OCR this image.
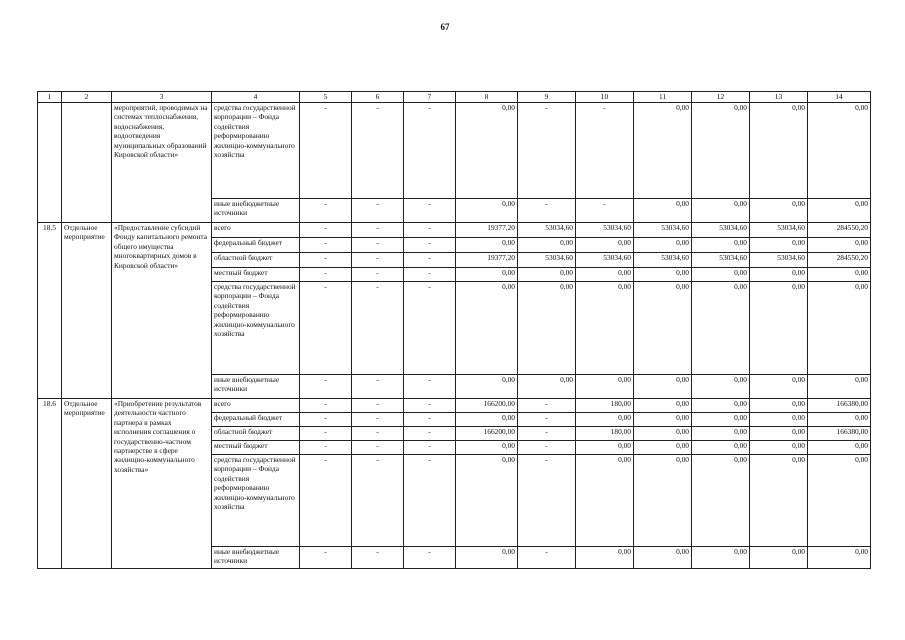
67
1	2	3	4	5	6	7	8	9	10	11	12	13	14
		мероприятий, проводимых на системах теплоснабжения, водоснабжения, водоотведения муниципальных образований Кировской области»	средства государственной корпорации – Фонда содействия реформированию жилищно-коммунального хозяйства	-	-	-	0,00	-	-	0,00	0,00	0,00	0,00
			иные внебюджетные источники	-	-	-	0,00	-	-	0,00	0,00	0,00	0,00
18.5	Отдельное мероприятие	«Предоставление субсидий Фонду капитального ремонта общего имущества многоквартирных домов в Кировской области»	всего	-	-	-	19377,20	53034,60	53034,60	53034,60	53034,60	53034,60	284550,20
			федеральный бюджет	-	-	-	0,00	0,00	0,00	0,00	0,00	0,00	0,00
			областной бюджет	-	-	-	19377,20	53034,60	53034,60	53034,60	53034,60	53034,60	284550,20
			местный бюджет	-	-	-	0,00	0,00	0,00	0,00	0,00	0,00	0,00
			средства государственной корпорации – Фонда содействия реформированию жилищно-коммунального хозяйства	-	-	-	0,00	0,00	0,00	0,00	0,00	0,00	0,00
			иные внебюджетные источники	-	-	-	0,00	0,00	0,00	0,00	0,00	0,00	0,00
18.6	Отдельное мероприятие	«Приобретение результатов деятельности частного партнера в рамках исполнения соглашения о государственно-частном партнерстве в сфере жилищно-коммунального хозяйства»	всего	-	-	-	166200,00	-	180,00	0,00	0,00	0,00	166380,00
			федеральный бюджет	-	-	-	0,00	-	0,00	0,00	0,00	0,00	0,00
			областной бюджет	-	-	-	166200,00	-	180,00	0,00	0,00	0,00	166380,00
			местный бюджет	-	-	-	0,00	-	0,00	0,00	0,00	0,00	0,00
			средства государственной корпорации – Фонда содействия реформированию жилищно-коммунального хозяйства	-	-	-	0,00	-	0,00	0,00	0,00	0,00	0,00
			иные внебюджетные источники	-	-	-	0,00	-	0,00	0,00	0,00	0,00	0,00
